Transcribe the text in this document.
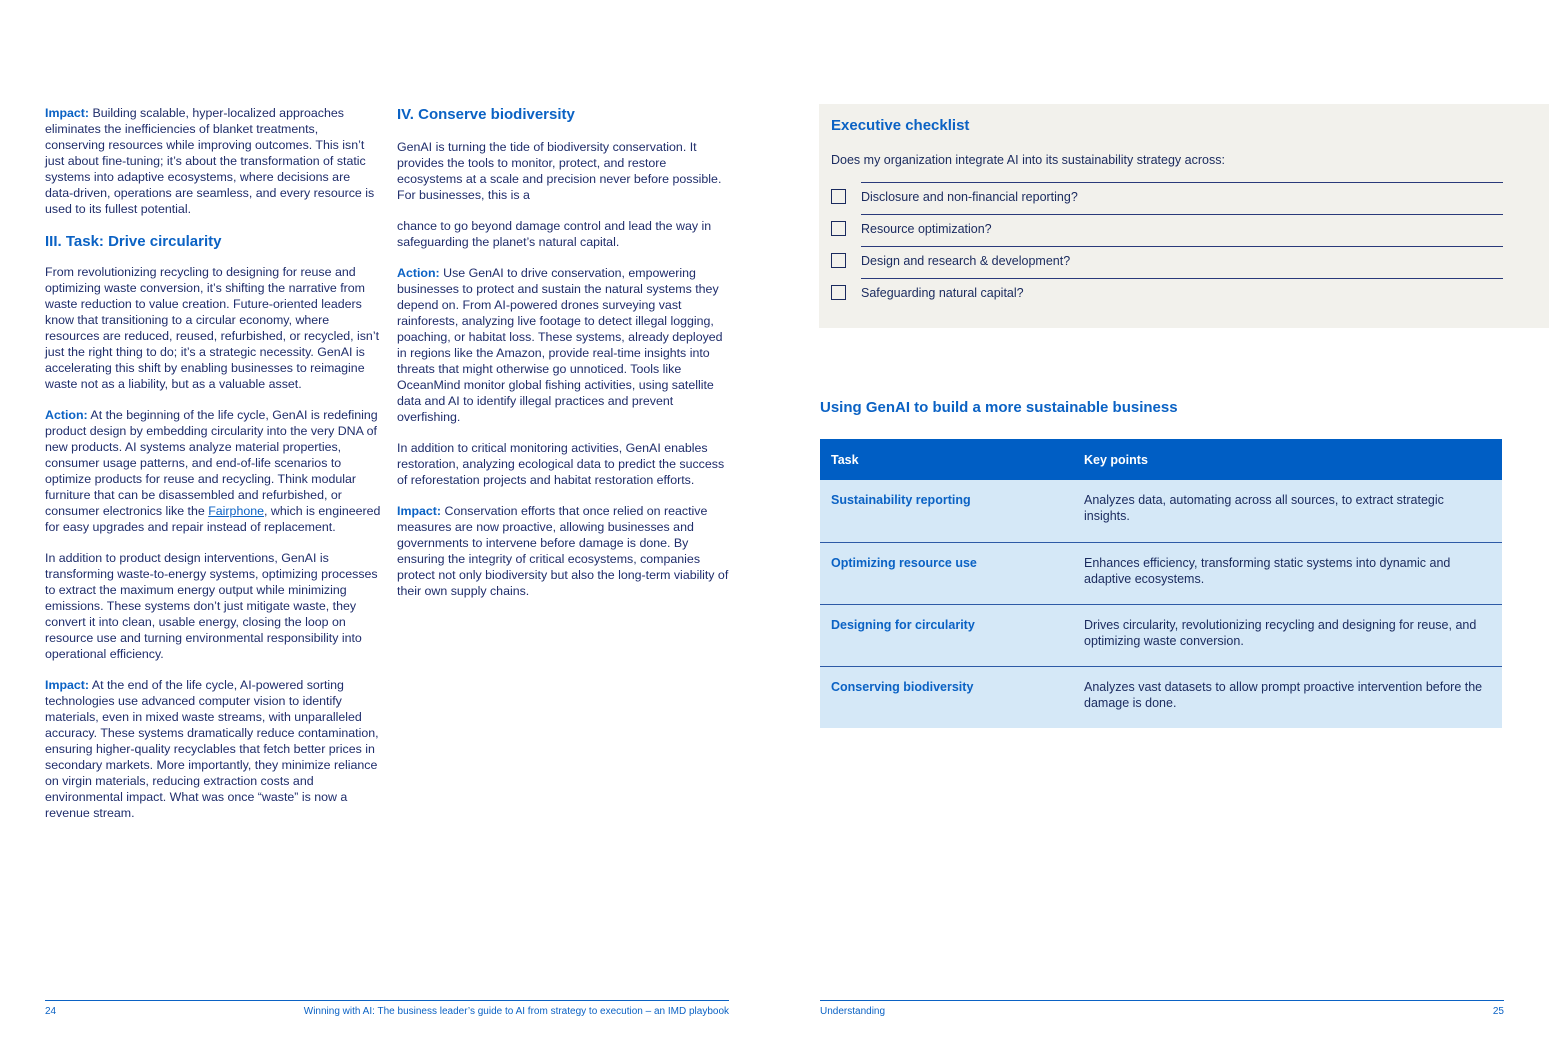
Impact: Building scalable, hyper-localized approaches eliminates the inefficiencies of blanket treatments, conserving resources while improving outcomes. This isn’t just about fine-tuning; it’s about the transformation of static systems into adaptive ecosystems, where decisions are data-driven, operations are seamless, and every resource is used to its fullest potential.

III. Task: Drive circularity

From revolutionizing recycling to designing for reuse and optimizing waste conversion, it’s shifting the narrative from waste reduction to value creation. Future-oriented leaders know that transitioning to a circular economy, where resources are reduced, reused, refurbished, or recycled, isn’t just the right thing to do; it’s a strategic necessity. GenAI is accelerating this shift by enabling businesses to reimagine waste not as a liability, but as a valuable asset.

Action: At the beginning of the life cycle, GenAI is redefining product design by embedding circularity into the very DNA of new products. AI systems analyze material properties, consumer usage patterns, and end-of-life scenarios to optimize products for reuse and recycling. Think modular furniture that can be disassembled and refurbished, or consumer electronics like the Fairphone, which is engineered for easy upgrades and repair instead of replacement.

In addition to product design interventions, GenAI is transforming waste-to-energy systems, optimizing processes to extract the maximum energy output while minimizing emissions. These systems don’t just mitigate waste, they convert it into clean, usable energy, closing the loop on resource use and turning environmental responsibility into operational efficiency.

Impact: At the end of the life cycle, AI-powered sorting technologies use advanced computer vision to identify materials, even in mixed waste streams, with unparalleled accuracy. These systems dramatically reduce contamination, ensuring higher-quality recyclables that fetch better prices in secondary markets. More importantly, they minimize reliance on virgin materials, reducing extraction costs and environmental impact. What was once “waste” is now a revenue stream.

IV. Conserve biodiversity

GenAI is turning the tide of biodiversity conservation. It provides the tools to monitor, protect, and restore ecosystems at a scale and precision never before possible. For businesses, this is a

chance to go beyond damage control and lead the way in safeguarding the planet’s natural capital.

Action: Use GenAI to drive conservation, empowering businesses to protect and sustain the natural systems they depend on. From AI-powered drones surveying vast rainforests, analyzing live footage to detect illegal logging, poaching, or habitat loss. These systems, already deployed in regions like the Amazon, provide real-time insights into threats that might otherwise go unnoticed. Tools like OceanMind monitor global fishing activities, using satellite data and AI to identify illegal practices and prevent overfishing.

In addition to critical monitoring activities, GenAI enables restoration, analyzing ecological data to predict the success of reforestation projects and habitat restoration efforts.

Impact: Conservation efforts that once relied on reactive measures are now proactive, allowing businesses and governments to intervene before damage is done. By ensuring the integrity of critical ecosystems, companies protect not only biodiversity but also the long-term viability of their own supply chains.

24	Winning with AI: The business leader’s guide to AI from strategy to execution – an IMD playbook
Executive checklist
Does my organization integrate AI into its sustainability strategy across:
Disclosure and non-financial reporting?
Resource optimization?
Design and research & development?
Safeguarding natural capital?
Using GenAI to build a more sustainable business
Task	Key points
Sustainability reporting	Analyzes data, automating across all sources, to extract strategic insights.
Optimizing resource use	Enhances efficiency, transforming static systems into dynamic and adaptive ecosystems.
Designing for circularity	Drives circularity, revolutionizing recycling and designing for reuse, and optimizing waste conversion.
Conserving biodiversity	Analyzes vast datasets to allow prompt proactive intervention before the damage is done.
Understanding	25
